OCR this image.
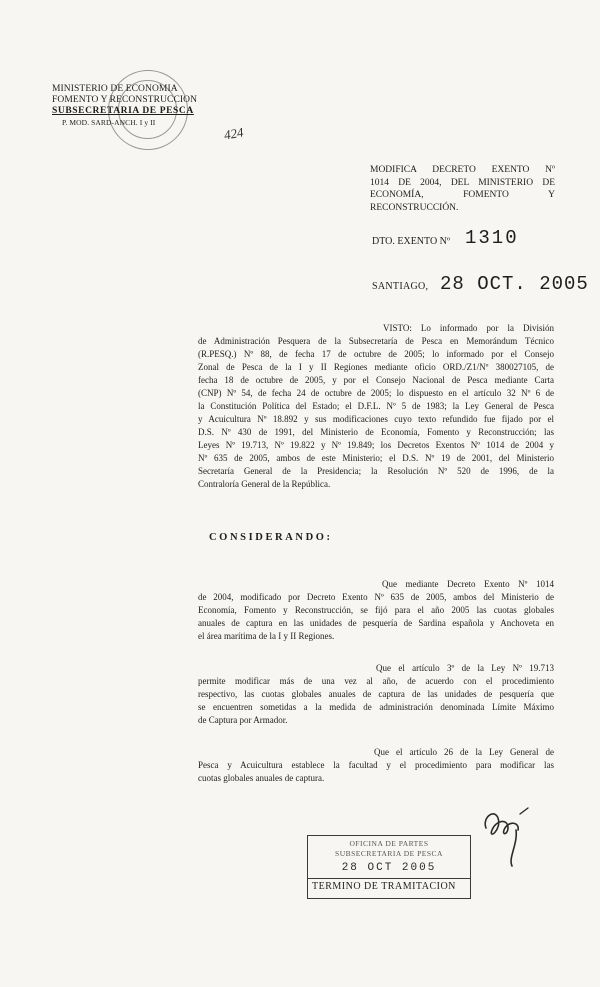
MINISTERIO DE ECONOMIA
FOMENTO Y RECONSTRUCCION
SUBSECRETARIA DE PESCA
P. MOD. SARD-ANCH. I y II
424
MODIFICA DECRETO EXENTO Nº
1014 DE 2004, DEL MINISTERIO DE
ECONOMÍA, FOMENTO Y
RECONSTRUCCIÓN.
DTO. EXENTO Nº 1310
SANTIAGO, 28 OCT. 2005
VISTO: Lo informado por la División
de Administración Pesquera de la Subsecretaría de Pesca en Memorándum Técnico
(R.PESQ.) Nº 88, de fecha 17 de octubre de 2005; lo informado por el Consejo
Zonal de Pesca de la I y II Regiones mediante oficio ORD./Z1/Nº 380027105, de
fecha 18 de octubre de 2005, y por el Consejo Nacional de Pesca mediante Carta
(CNP) Nº 54, de fecha 24 de octubre de 2005; lo dispuesto en el artículo 32 Nº 6 de
la Constitución Política del Estado; el D.F.L. Nº 5 de 1983; la Ley General de Pesca
y Acuicultura Nº 18.892 y sus modificaciones cuyo texto refundido fue fijado por el
D.S. Nº 430 de 1991, del Ministerio de Economía, Fomento y Reconstrucción; las
Leyes Nº 19.713, Nº 19.822 y Nº 19.849; los Decretos Exentos Nº 1014 de 2004 y
Nº 635 de 2005, ambos de este Ministerio; el D.S. Nº 19 de 2001, del Ministerio
Secretaría General de la Presidencia; la Resolución Nº 520 de 1996, de la
Contraloría General de la República.
CONSIDERANDO:
Que mediante Decreto Exento Nº 1014
de 2004, modificado por Decreto Exento Nº 635 de 2005, ambos del Ministerio de
Economía, Fomento y Reconstrucción, se fijó para el año 2005 las cuotas globales
anuales de captura en las unidades de pesquería de Sardina española y Anchoveta en
el área marítima de la I y II Regiones.
Que el artículo 3º de la Ley Nº 19.713
permite modificar más de una vez al año, de acuerdo con el procedimiento
respectivo, las cuotas globales anuales de captura de las unidades de pesquería que
se encuentren sometidas a la medida de administración denominada Límite Máximo
de Captura por Armador.
Que el artículo 26 de la Ley General de
Pesca y Acuicultura establece la facultad y el procedimiento para modificar las
cuotas globales anuales de captura.
OFICINA DE PARTES
SUBSECRETARIA DE PESCA
28 OCT 2005
TERMINO DE TRAMITACION
